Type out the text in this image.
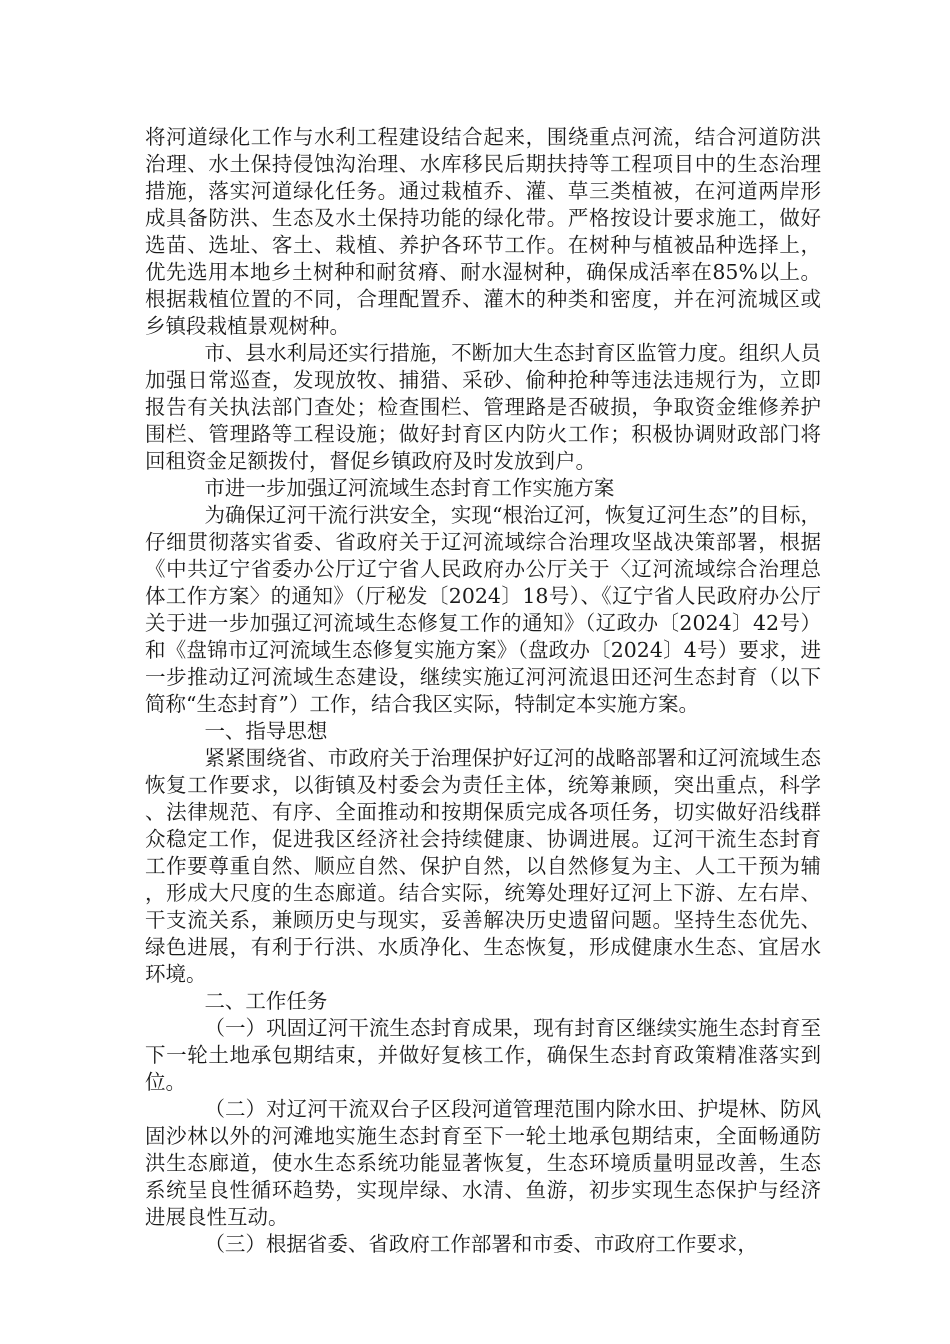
将河道绿化工作与水利工程建设结合起来，围绕重点河流，结合河道防洪治理、水土保持侵蚀沟治理、水库移民后期扶持等工程项目中的生态治理措施，落实河道绿化任务。通过栽植乔、灌、草三类植被，在河道两岸形成具备防洪、生态及水土保持功能的绿化带。严格按设计要求施工，做好选苗、选址、客土、栽植、养护各环节工作。在树种与植被品种选择上，优先选用本地乡土树种和耐贫瘠、耐水湿树种，确保成活率在85%以上。根据栽植位置的不同，合理配置乔、灌木的种类和密度，并在河流城区或乡镇段栽植景观树种。

市、县水利局还实行措施，不断加大生态封育区监管力度。组织人员加强日常巡查，发现放牧、捕猎、采砂、偷种抢种等违法违规行为，立即报告有关执法部门查处；检查围栏、管理路是否破损，争取资金维修养护围栏、管理路等工程设施；做好封育区内防火工作；积极协调财政部门将回租资金足额拨付，督促乡镇政府及时发放到户。

市进一步加强辽河流域生态封育工作实施方案

为确保辽河干流行洪安全，实现“根治辽河，恢复辽河生态”的目标，仔细贯彻落实省委、省政府关于辽河流域综合治理攻坚战决策部署，根据《中共辽宁省委办公厅辽宁省人民政府办公厅关于〈辽河流域综合治理总体工作方案〉的通知》（厅秘发〔2024〕18号）、《辽宁省人民政府办公厅关于进一步加强辽河流域生态修复工作的通知》（辽政办〔2024〕42号）和《盘锦市辽河流域生态修复实施方案》（盘政办〔2024〕4号）要求，进一步推动辽河流域生态建设，继续实施辽河河流退田还河生态封育（以下简称“生态封育”）工作，结合我区实际，特制定本实施方案。

一、指导思想

紧紧围绕省、市政府关于治理保护好辽河的战略部署和辽河流域生态恢复工作要求，以街镇及村委会为责任主体，统筹兼顾，突出重点，科学、法律规范、有序、全面推动和按期保质完成各项任务，切实做好沿线群众稳定工作，促进我区经济社会持续健康、协调进展。辽河干流生态封育工作要尊重自然、顺应自然、保护自然，以自然修复为主、人工干预为辅，形成大尺度的生态廊道。结合实际，统筹处理好辽河上下游、左右岸、干支流关系，兼顾历史与现实，妥善解决历史遗留问题。坚持生态优先、绿色进展，有利于行洪、水质净化、生态恢复，形成健康水生态、宜居水环境。

二、工作任务

（一）巩固辽河干流生态封育成果，现有封育区继续实施生态封育至下一轮土地承包期结束，并做好复核工作，确保生态封育政策精准落实到位。

（二）对辽河干流双台子区段河道管理范围内除水田、护堤林、防风固沙林以外的河滩地实施生态封育至下一轮土地承包期结束，全面畅通防洪生态廊道，使水生态系统功能显著恢复，生态环境质量明显改善，生态系统呈良性循环趋势，实现岸绿、水清、鱼游，初步实现生态保护与经济进展良性互动。

（三）根据省委、省政府工作部署和市委、市政府工作要求，
